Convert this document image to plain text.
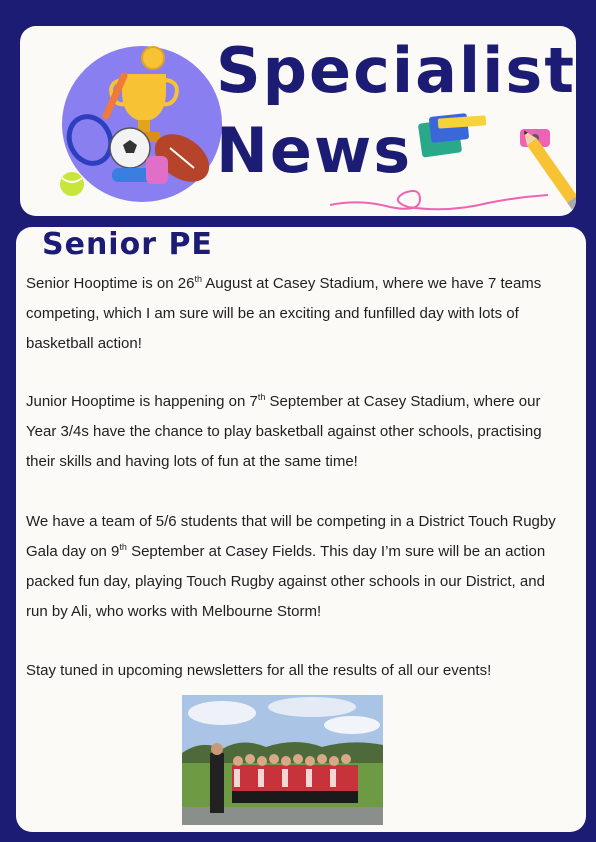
Specialist
News
Senior PE

Senior Hooptime is on 26th August at Casey Stadium, where we have 7 teams competing, which I am sure will be an exciting and funfilled day with lots of basketball action!

Junior Hooptime is happening on 7th September at Casey Stadium, where our Year 3/4s have the chance to play basketball against other schools, practising their skills and having lots of fun at the same time!

We have a team of 5/6 students that will be competing in a District Touch Rugby Gala day on 9th September at Casey Fields. This day I’m sure will be an action packed fun day, playing Touch Rugby against other schools in our District, and run by Ali, who works with Melbourne Storm!

Stay tuned in upcoming newsletters for all the results of all our events!
